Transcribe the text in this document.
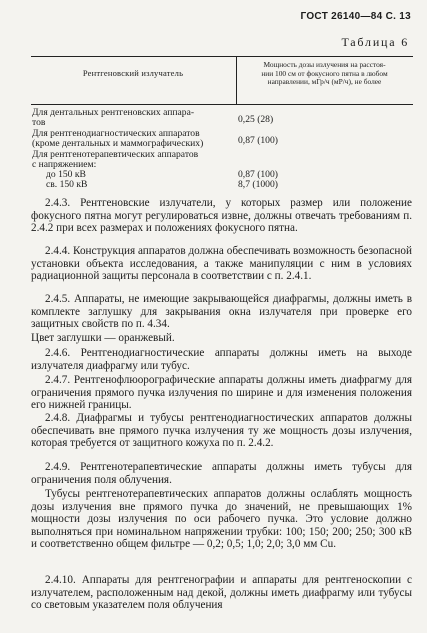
ГОСТ 26140—84 С. 13
Таблица 6
Рентгеновский излучатель
Мощность дозы излучения на расстоя-
нии 100 см от фокусного пятна в любом
направлении, мГр/ч (мР/ч), не более
Для дентальных рентгеновских аппара-
0,25 (28)
тов
Для рентгенодиагностических аппаратов
0,87 (100)
(кроме дентальных и маммографических)
Для рентгенотерапевтических аппаратов
с напряжением:
до 150 кВ	0,87 (100)
св. 150 кВ	8,7 (1000)
2.4.3. Рентгеновские излучатели, у которых размер или положение фокусного пятна могут регулироваться извне, должны отвечать требованиям п. 2.4.2 при всех размерах и положениях фокусного пятна.
2.4.4. Конструкция аппаратов должна обеспечивать возможность безопасной установки объекта исследования, а также манипуляции с ним в условиях радиационной защиты персонала в соответствии с п. 2.4.1.
2.4.5. Аппараты, не имеющие закрывающейся диафрагмы, должны иметь в комплекте заглушку для закрывания окна излучателя при проверке его защитных свойств по п. 4.34.
Цвет заглушки — оранжевый.
2.4.6. Рентгенодиагностические аппараты должны иметь на выходе излучателя диафрагму или тубус.
2.4.7. Рентгенофлюорографические аппараты должны иметь диафрагму для ограничения прямого пучка излучения по ширине и для изменения положения его нижней границы.
2.4.8. Диафрагмы и тубусы рентгенодиагностических аппаратов должны обеспечивать вне прямого пучка излучения ту же мощность дозы излучения, которая требуется от защитного кожуха по п. 2.4.2.
2.4.9. Рентгенотерапевтические аппараты должны иметь тубусы для ограничения поля облучения.
Тубусы рентгенотерапевтических аппаратов должны ослаблять мощность дозы излучения вне прямого пучка до значений, не превышающих 1% мощности дозы излучения по оси рабочего пучка. Это условие должно выполняться при номинальном напряжении трубки: 100; 150; 200; 250; 300 кВ и соответственно общем фильтре — 0,2; 0,5; 1,0; 2,0; 3,0 мм Cu.
2.4.10. Аппараты для рентгенографии и аппараты для рентгеноскопии с излучателем, расположенным над декой, должны иметь диафрагму или тубусы со световым указателем поля облучения
